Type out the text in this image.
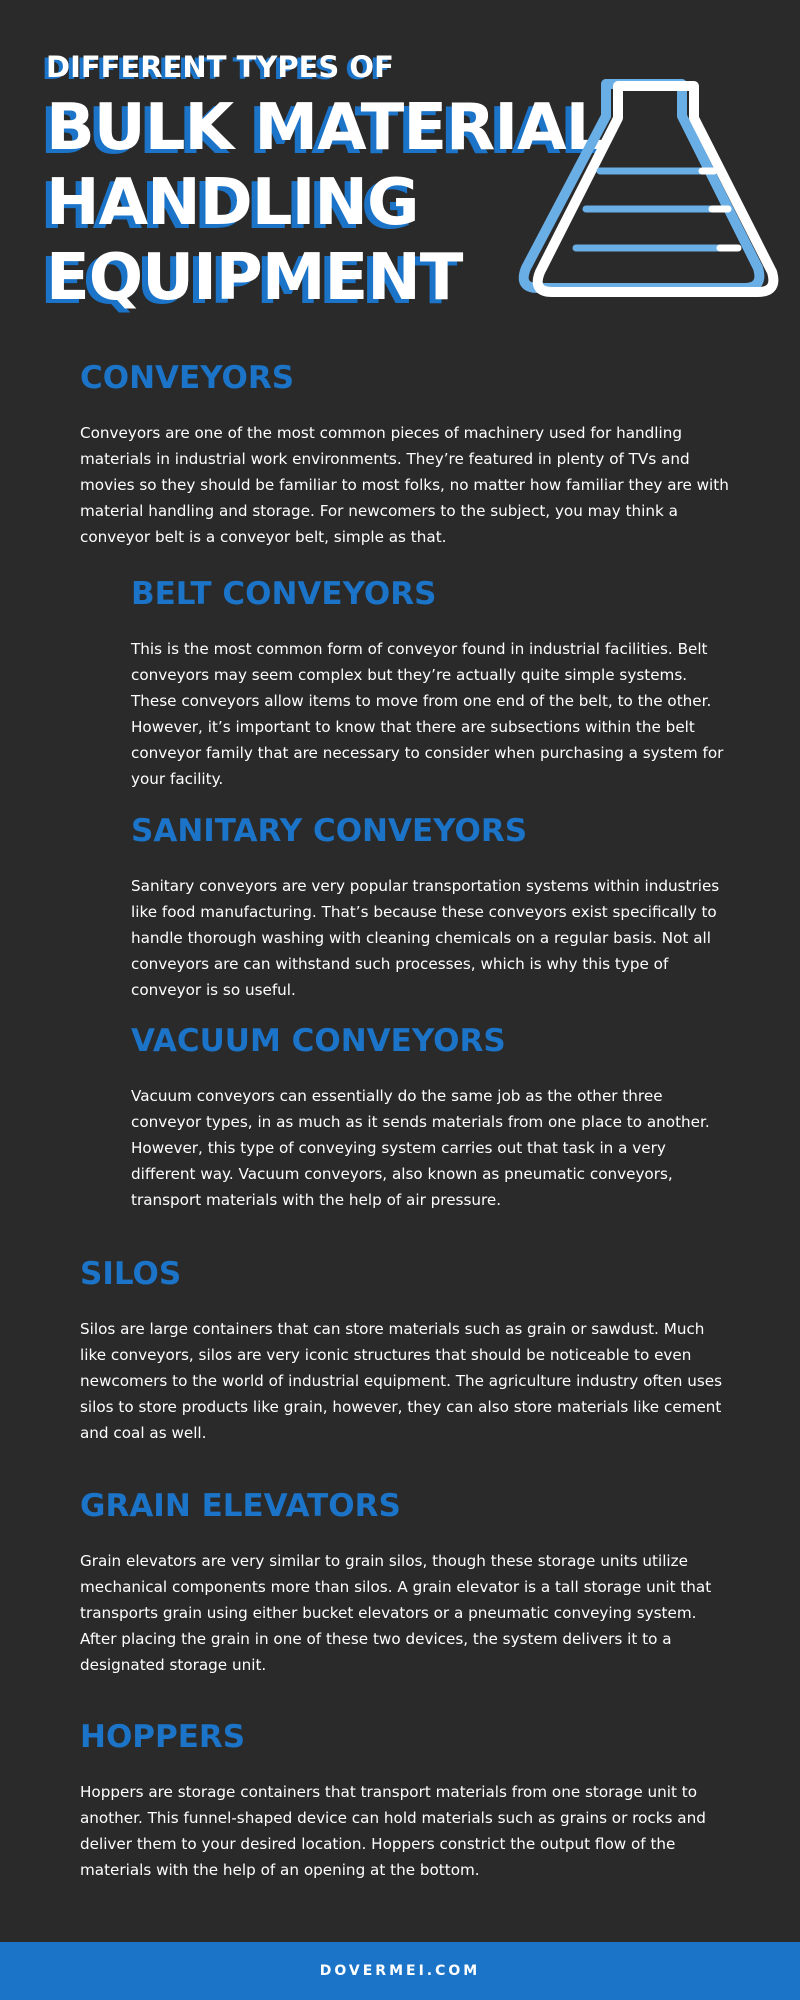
DIFFERENT TYPES OF
BULK MATERIAL
HANDLING
EQUIPMENT
CONVEYORS

Conveyors are one of the most common pieces of machinery used for handling materials in industrial work environments. They’re featured in plenty of TVs and movies so they should be familiar to most folks, no matter how familiar they are with material handling and storage. For newcomers to the subject, you may think a conveyor belt is a conveyor belt, simple as that.

BELT CONVEYORS

This is the most common form of conveyor found in industrial facilities. Belt conveyors may seem complex but they’re actually quite simple systems. These conveyors allow items to move from one end of the belt, to the other. However, it’s important to know that there are subsections within the belt conveyor family that are necessary to consider when purchasing a system for your facility.

SANITARY CONVEYORS

Sanitary conveyors are very popular transportation systems within industries like food manufacturing. That’s because these conveyors exist specifically to handle thorough washing with cleaning chemicals on a regular basis. Not all conveyors are can withstand such processes, which is why this type of conveyor is so useful.

VACUUM CONVEYORS

Vacuum conveyors can essentially do the same job as the other three conveyor types, in as much as it sends materials from one place to another. However, this type of conveying system carries out that task in a very different way. Vacuum conveyors, also known as pneumatic conveyors, transport materials with the help of air pressure.

SILOS

Silos are large containers that can store materials such as grain or sawdust. Much like conveyors, silos are very iconic structures that should be noticeable to even newcomers to the world of industrial equipment. The agriculture industry often uses silos to store products like grain, however, they can also store materials like cement and coal as well.

GRAIN ELEVATORS

Grain elevators are very similar to grain silos, though these storage units utilize mechanical components more than silos. A grain elevator is a tall storage unit that transports grain using either bucket elevators or a pneumatic conveying system. After placing the grain in one of these two devices, the system delivers it to a designated storage unit.

HOPPERS

Hoppers are storage containers that transport materials from one storage unit to another. This funnel-shaped device can hold materials such as grains or rocks and deliver them to your desired location. Hoppers constrict the output flow of the materials with the help of an opening at the bottom.

DOVERMEI.COM
